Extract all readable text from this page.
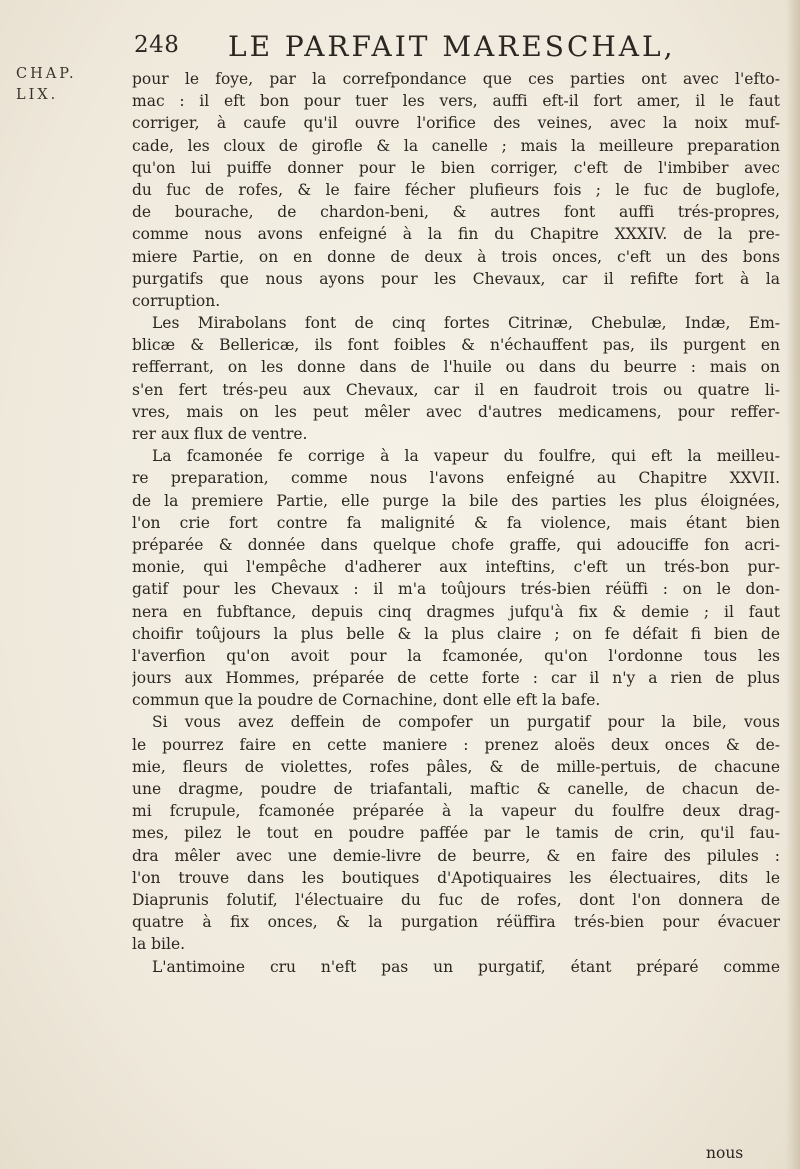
248 LE PARFAIT MARESCHAL,
CHAP.
LIX.
pour le foye, par la correfpondance que ces parties ont avec l'efto-
mac : il eft bon pour tuer les vers, auffi eft-il fort amer, il le faut
corriger, à caufe qu'il ouvre l'orifice des veines, avec la noix muf-
cade, les cloux de girofle & la canelle ; mais la meilleure preparation
qu'on lui puiffe donner pour le bien corriger, c'eft de l'imbiber avec
du fuc de rofes, & le faire fécher plufieurs fois ; le fuc de buglofe,
de bourache, de chardon-beni, & autres font auffi trés-propres,
comme nous avons enfeigné à la fin du Chapitre XXXIV. de la pre-
miere Partie, on en donne de deux à trois onces, c'eft un des bons
purgatifs que nous ayons pour les Chevaux, car il refifte fort à la
corruption.
Les Mirabolans font de cinq fortes Citrinæ, Chebulæ, Indæ, Em-
blicæ & Bellericæ, ils font foibles & n'échauffent pas, ils purgent en
refferrant, on les donne dans de l'huile ou dans du beurre : mais on
s'en fert trés-peu aux Chevaux, car il en faudroit trois ou quatre li-
vres, mais on les peut mêler avec d'autres medicamens, pour reffer-
rer aux flux de ventre.
La fcamonée fe corrige à la vapeur du foulfre, qui eft la meilleu-
re preparation, comme nous l'avons enfeigné au Chapitre XXVII.
de la premiere Partie, elle purge la bile des parties les plus éloignées,
l'on crie fort contre fa malignité & fa violence, mais étant bien
préparée & donnée dans quelque chofe graffe, qui adouciffe fon acri-
monie, qui l'empêche d'adherer aux inteftins, c'eft un trés-bon pur-
gatif pour les Chevaux : il m'a toûjours trés-bien réüffi : on le don-
nera en fubftance, depuis cinq dragmes jufqu'à fix & demie ; il faut
choifir toûjours la plus belle & la plus claire ; on fe défait fi bien de
l'averfion qu'on avoit pour la fcamonée, qu'on l'ordonne tous les
jours aux Hommes, préparée de cette forte : car il n'y a rien de plus
commun que la poudre de Cornachine, dont elle eft la bafe.
Si vous avez deffein de compofer un purgatif pour la bile, vous
le pourrez faire en cette maniere : prenez aloës deux onces & de-
mie, fleurs de violettes, rofes pâles, & de mille-pertuis, de chacune
une dragme, poudre de triafantali, maftic & canelle, de chacun de-
mi fcrupule, fcamonée préparée à la vapeur du foulfre deux drag-
mes, pilez le tout en poudre paffée par le tamis de crin, qu'il fau-
dra mêler avec une demie-livre de beurre, & en faire des pilules :
l'on trouve dans les boutiques d'Apotiquaires les électuaires, dits le
Diaprunis folutif, l'électuaire du fuc de rofes, dont l'on donnera de
quatre à fix onces, & la purgation réüffira trés-bien pour évacuer
la bile.
L'antimoine cru n'eft pas un purgatif, étant préparé comme
nous
